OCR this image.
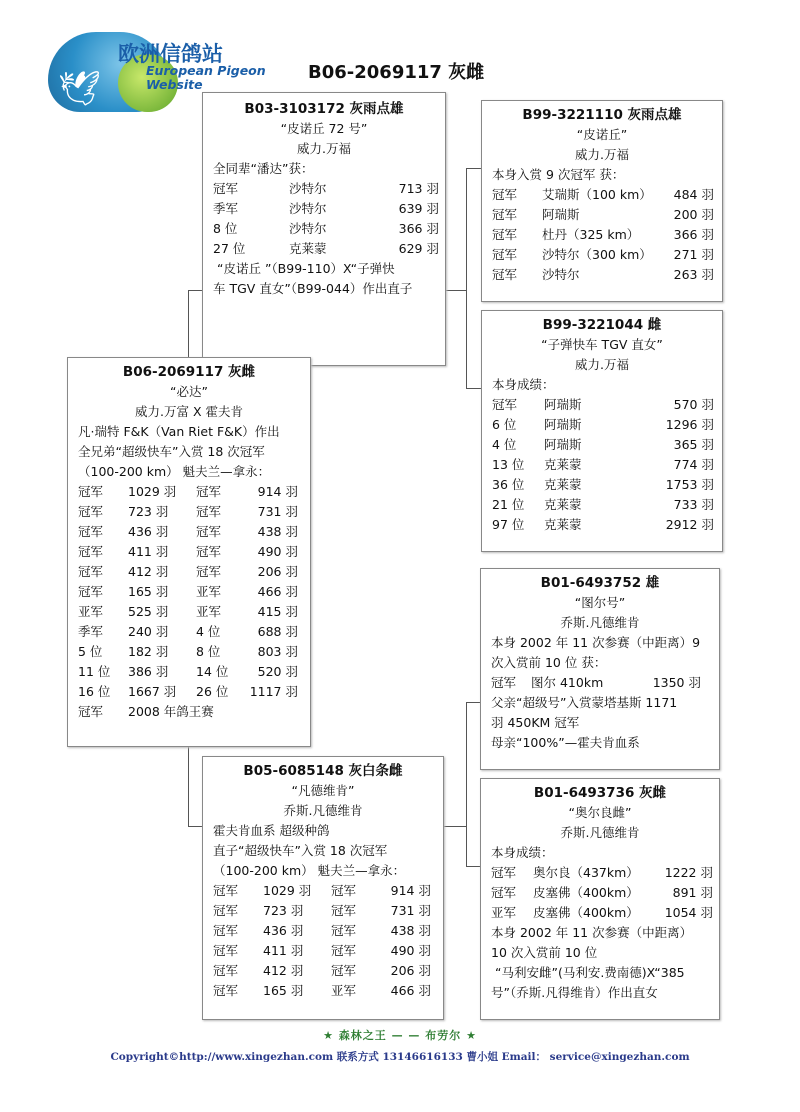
🕊
欧洲信鸽站
European Pigeon
Website
B06-2069117 灰雌
B03-3103172 灰雨点雄
“皮诺丘 72 号”
威力.万福
全同辈“潘达”获：
冠军	沙特尔	713 羽
季军	沙特尔	639 羽
8 位	沙特尔	366 羽
27 位	克莱蒙	629 羽
“皮诺丘 ”（B99-110）X“子弹快
车 TGV 直女”（B99-044）作出直子
B99-3221110 灰雨点雄
“皮诺丘”
威力.万福
本身入赏 9 次冠军 获：
冠军	艾瑞斯（100 km）	484 羽
冠军	阿瑞斯	200 羽
冠军	杜丹（325 km）	366 羽
冠军	沙特尔（300 km）	271 羽
冠军	沙特尔	263 羽
B99-3221044 雌
“子弹快车 TGV 直女”
威力.万福
本身成绩：
冠军	阿瑞斯	570 羽
6 位	阿瑞斯	1296 羽
4 位	阿瑞斯	365 羽
13 位	克莱蒙	774 羽
36 位	克莱蒙	1753 羽
21 位	克莱蒙	733 羽
97 位	克莱蒙	2912 羽
B06-2069117 灰雌
“必达”
威力.万富 X 霍夫肯
凡·瑞特 F&K（Van Riet F&K）作出
全兄弟“超级快车”入赏 18 次冠军
（100-200 km） 魁夫兰—拿永：
冠军	1029 羽	冠军	914 羽
冠军	723 羽	冠军	731 羽
冠军	436 羽	冠军	438 羽
冠军	411 羽	冠军	490 羽
冠军	412 羽	冠军	206 羽
冠军	165 羽	亚军	466 羽
亚军	525 羽	亚军	415 羽
季军	240 羽	4 位	688 羽
5 位	182 羽	8 位	803 羽
11 位	386 羽	14 位	520 羽
16 位	1667 羽	26 位	1117 羽
冠军	2008 年鸽王赛
B05-6085148 灰白条雌
“凡德维肯”
乔斯.凡德维肯
霍夫肯血系 超级种鸽
直子“超级快车”入赏 18 次冠军
（100-200 km） 魁夫兰—拿永：
冠军	1029 羽	冠军	914 羽
冠军	723 羽	冠军	731 羽
冠军	436 羽	冠军	438 羽
冠军	411 羽	冠军	490 羽
冠军	412 羽	冠军	206 羽
冠军	165 羽	亚军	466 羽
B01-6493752 雄
“图尔号”
乔斯.凡德维肯
本身 2002 年 11 次参赛（中距离）9
次入赏前 10 位 获：
冠军	图尔 410km	1350 羽
父亲“超级号”入赏蒙塔基斯 1171
羽 450KM 冠军
母亲“100%”—霍夫肯血系
B01-6493736 灰雌
“奥尔良雌”
乔斯.凡德维肯
本身成绩：
冠军	奥尔良（437km）	1222 羽
冠军	皮塞佛（400km）	891 羽
亚军	皮塞佛（400km）	1054 羽
本身 2002 年 11 次参赛（中距离）
10 次入赏前 10 位
“马利安雌”(马利安.费南德)X“385
号”（乔斯.凡得维肯）作出直女
★ 森林之王 — — 布劳尔 ★
Copyright©http://www.xingezhan.com 联系方式 13146616133 曹小姐 Email： service@xingezhan.com
